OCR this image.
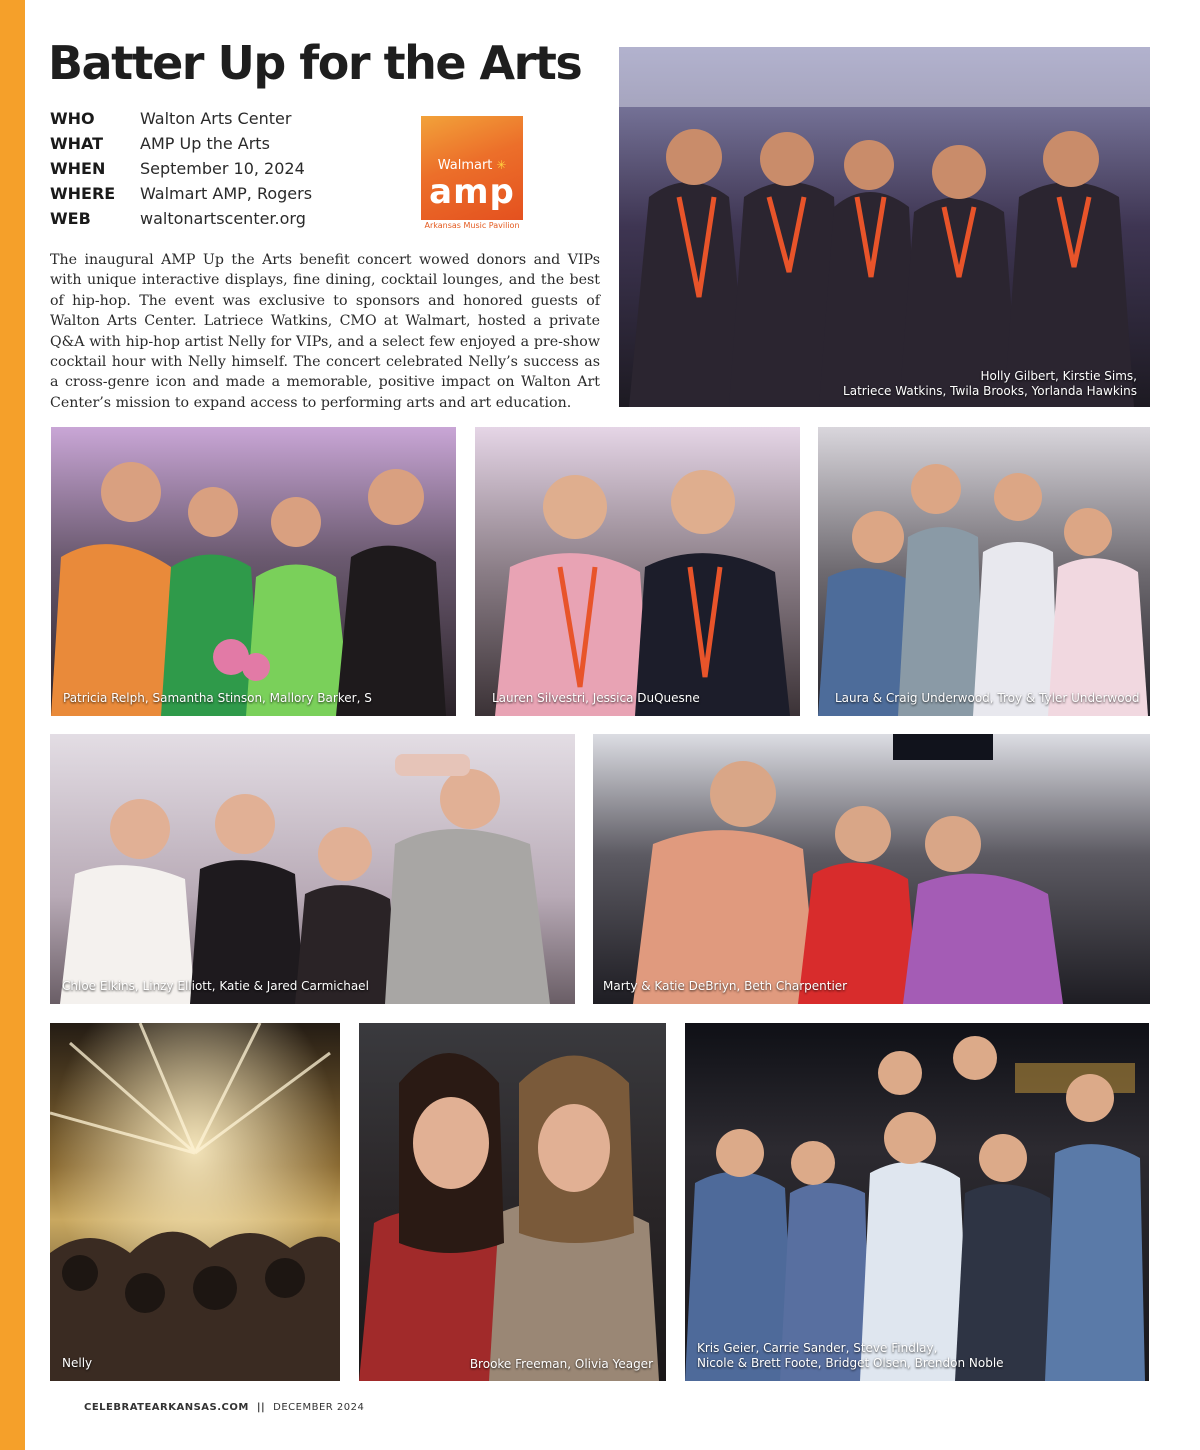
Batter Up for the Arts
WHO	Walton Arts Center
WHAT	AMP Up the Arts
WHEN	September 10, 2024
WHERE	Walmart AMP, Rogers
WEB	waltonartscenter.org
Walmart ✳
amp
Arkansas Music Pavilion

The inaugural AMP Up the Arts benefit concert wowed donors and VIPs with unique interactive displays, fine dining, cocktail lounges, and the best of hip-hop. The event was exclusive to sponsors and honored guests of Walton Arts Center. Latriece Watkins, CMO at Walmart, hosted a private Q&A with hip-hop artist Nelly for VIPs, and a select few enjoyed a pre-show cocktail hour with Nelly himself. The concert celebrated Nelly’s success as a cross-genre icon and made a memorable, positive impact on Walton Art Center’s mission to expand access to performing arts and art education.

Holly Gilbert, Kirstie Sims,
Latriece Watkins, Twila Brooks, Yorlanda Hawkins
Patricia Relph, Samantha Stinson, Mallory Barker, S	Lauren Silvestri, Jessica DuQuesne	Laura & Craig Underwood, Troy & Tyler Underwood
Chloe Elkins, Linzy Elliott, Katie & Jared Carmichael	Marty & Katie DeBriyn, Beth Charpentier
Nelly	Brooke Freeman, Olivia Yeager
Kris Geier, Carrie Sander, Steve Findlay,
Nicole & Brett Foote, Bridget Olsen, Brendon Noble
CELEBRATEARKANSAS.COM || DECEMBER 2024
